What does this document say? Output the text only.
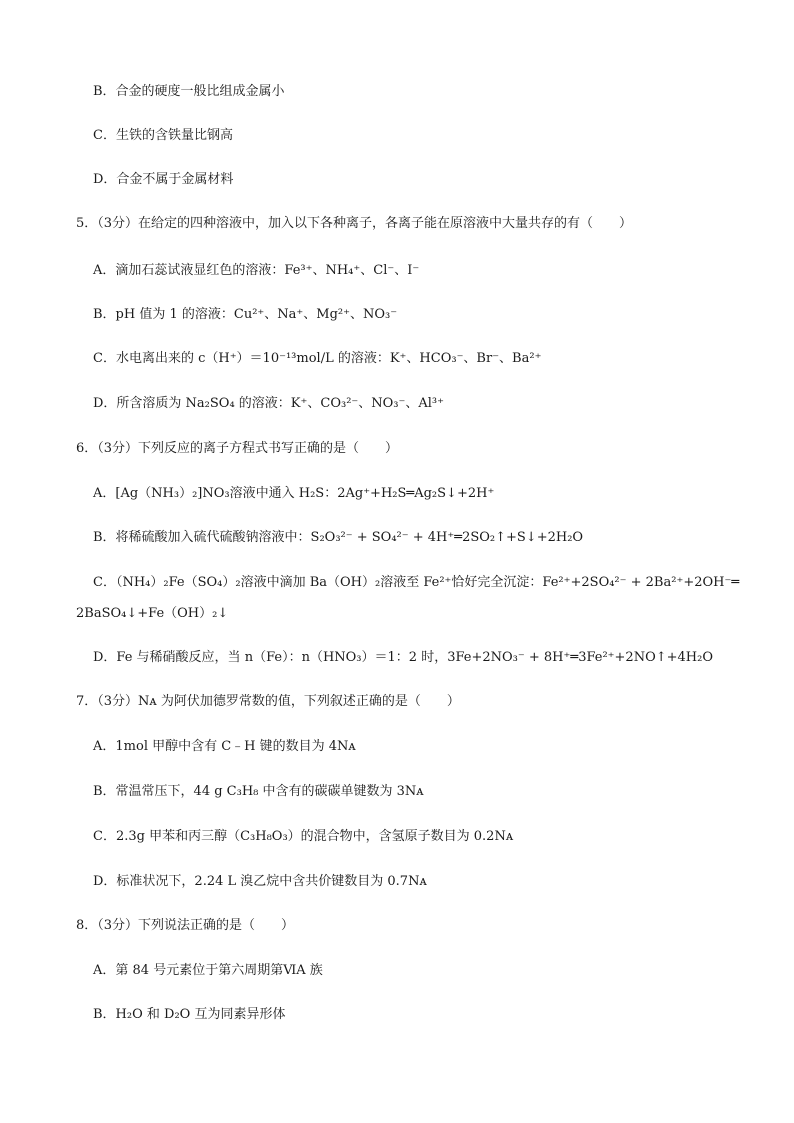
B．合金的硬度一般比组成金属小
C．生铁的含铁量比钢高
D．合金不属于金属材料
5．（3分）在给定的四种溶液中，加入以下各种离子，各离子能在原溶液中大量共存的有（　　）
A．滴加石蕊试液显红色的溶液：Fe³⁺、NH₄⁺、Cl⁻、I⁻
B．pH 值为 1 的溶液：Cu²⁺、Na⁺、Mg²⁺、NO₃⁻
C．水电离出来的 c（H⁺）＝10⁻¹³mol/L 的溶液：K⁺、HCO₃⁻、Br⁻、Ba²⁺
D．所含溶质为 Na₂SO₄ 的溶液：K⁺、CO₃²⁻、NO₃⁻、Al³⁺
6．（3分）下列反应的离子方程式书写正确的是（　　）
A．[Ag（NH₃）₂]NO₃溶液中通入 H₂S：2Ag⁺+H₂S═Ag₂S↓+2H⁺
B．将稀硫酸加入硫代硫酸钠溶液中：S₂O₃²⁻ + SO₄²⁻ + 4H⁺═2SO₂↑+S↓+2H₂O
C．（NH₄）₂Fe（SO₄）₂溶液中滴加 Ba（OH）₂溶液至 Fe²⁺恰好完全沉淀：Fe²⁺+2SO₄²⁻ + 2Ba²⁺+2OH⁻═
2BaSO₄↓+Fe（OH）₂↓
D．Fe 与稀硝酸反应，当 n（Fe）：n（HNO₃）＝1：2 时，3Fe+2NO₃⁻ + 8H⁺═3Fe²⁺+2NO↑+4H₂O
7．（3分）Nᴀ 为阿伏加德罗常数的值，下列叙述正确的是（　　）
A．1mol 甲醇中含有 C﹣H 键的数目为 4Nᴀ
B．常温常压下，44 g C₃H₈ 中含有的碳碳单键数为 3Nᴀ
C．2.3g 甲苯和丙三醇（C₃H₈O₃）的混合物中，含氢原子数目为 0.2Nᴀ
D．标准状况下，2.24 L 溴乙烷中含共价键数目为 0.7Nᴀ
8．（3分）下列说法正确的是（　　）
A．第 84 号元素位于第六周期第ⅥA 族
B．H₂O 和 D₂O 互为同素异形体
